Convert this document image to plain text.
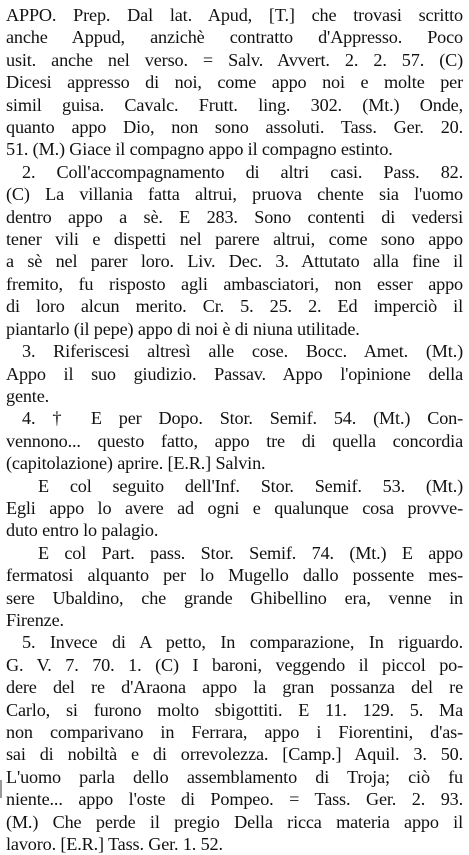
APPO. Prep. Dal lat. Apud, [T.] che trovasi scritto
anche Appud, anzichè contratto d'Appresso. Poco
usit. anche nel verso. = Salv. Avvert. 2. 2. 57. (C)
Dicesi appresso di noi, come appo noi e molte per
simil guisa. Cavalc. Frutt. ling. 302. (Mt.) Onde,
quanto appo Dio, non sono assoluti. Tass. Ger. 20.
51. (M.) Giace il compagno appo il compagno estinto.
2. Coll'accompagnamento di altri casi. Pass. 82.
(C) La villania fatta altrui, pruova chente sia l'uomo
dentro appo a sè. E 283. Sono contenti di vedersi
tener vili e dispetti nel parere altrui, come sono appo
a sè nel parer loro. Liv. Dec. 3. Attutato alla fine il
fremito, fu risposto agli ambasciatori, non esser appo
di loro alcun merito. Cr. 5. 25. 2. Ed imperciò il
piantarlo (il pepe) appo di noi è di niuna utilitade.
3. Riferiscesi altresì alle cose. Bocc. Amet. (Mt.)
Appo il suo giudizio. Passav. Appo l'opinione della
gente.
4. † E per Dopo. Stor. Semif. 54. (Mt.) Con-
vennono... questo fatto, appo tre di quella concordia
(capitolazione) aprire. [E.R.] Salvin.
E col seguito dell'Inf. Stor. Semif. 53. (Mt.)
Egli appo lo avere ad ogni e qualunque cosa provve-
duto entro lo palagio.
E col Part. pass. Stor. Semif. 74. (Mt.) E appo
fermatosi alquanto per lo Mugello dallo possente mes-
sere Ubaldino, che grande Ghibellino era, venne in
Firenze.
5. Invece di A petto, In comparazione, In riguardo.
G. V. 7. 70. 1. (C) I baroni, veggendo il piccol po-
dere del re d'Araona appo la gran possanza del re
Carlo, si furono molto sbigottiti. E 11. 129. 5. Ma
non comparivano in Ferrara, appo i Fiorentini, d'as-
sai di nobiltà e di orrevolezza. [Camp.] Aquil. 3. 50.
L'uomo parla dello assemblamento di Troja; ciò fu
niente... appo l'oste di Pompeo. = Tass. Ger. 2. 93.
(M.) Che perde il pregio Della ricca materia appo il
lavoro. [E.R.] Tass. Ger. 1. 52.
